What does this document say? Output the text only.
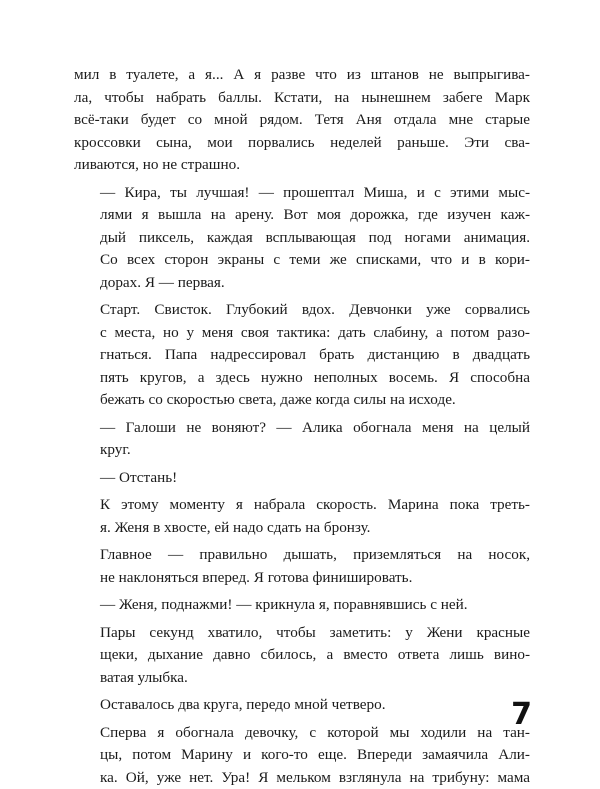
мил в туалете, а я... А я разве что из штанов не выпрыгива-
ла, чтобы набрать баллы. Кстати, на нынешнем забеге Марк
всё-таки будет со мной рядом. Тетя Аня отдала мне старые
кроссовки сына, мои порвались неделей раньше. Эти сва-
ливаются, но не страшно.
— Кира, ты лучшая! — прошептал Миша, и с этими мыс-
лями я вышла на арену. Вот моя дорожка, где изучен каж-
дый пиксель, каждая всплывающая под ногами анимация.
Со всех сторон экраны с теми же списками, что и в кори-
дорах. Я — первая.
Старт. Свисток. Глубокий вдох. Девчонки уже сорвались
с места, но у меня своя тактика: дать слабину, а потом разо-
гнаться. Папа надрессировал брать дистанцию в двадцать
пять кругов, а здесь нужно неполных восемь. Я способна
бежать со скоростью света, даже когда силы на исходе.
— Галоши не воняют? — Алика обогнала меня на целый
круг.
— Отстань!
К этому моменту я набрала скорость. Марина пока треть-
я. Женя в хвосте, ей надо сдать на бронзу.
Главное — правильно дышать, приземляться на носок,
не наклоняться вперед. Я готова финишировать.
— Женя, поднажми! — крикнула я, поравнявшись с ней.
Пары секунд хватило, чтобы заметить: у Жени красные
щеки, дыхание давно сбилось, а вместо ответа лишь вино-
ватая улыбка.
Оставалось два круга, передо мной четверо.
Сперва я обогнала девочку, с которой мы ходили на тан-
цы, потом Марину и кого-то еще. Впереди замаячила Али-
ка. Ой, уже нет. Ура! Я мельком взглянула на трибуну: мама
7
